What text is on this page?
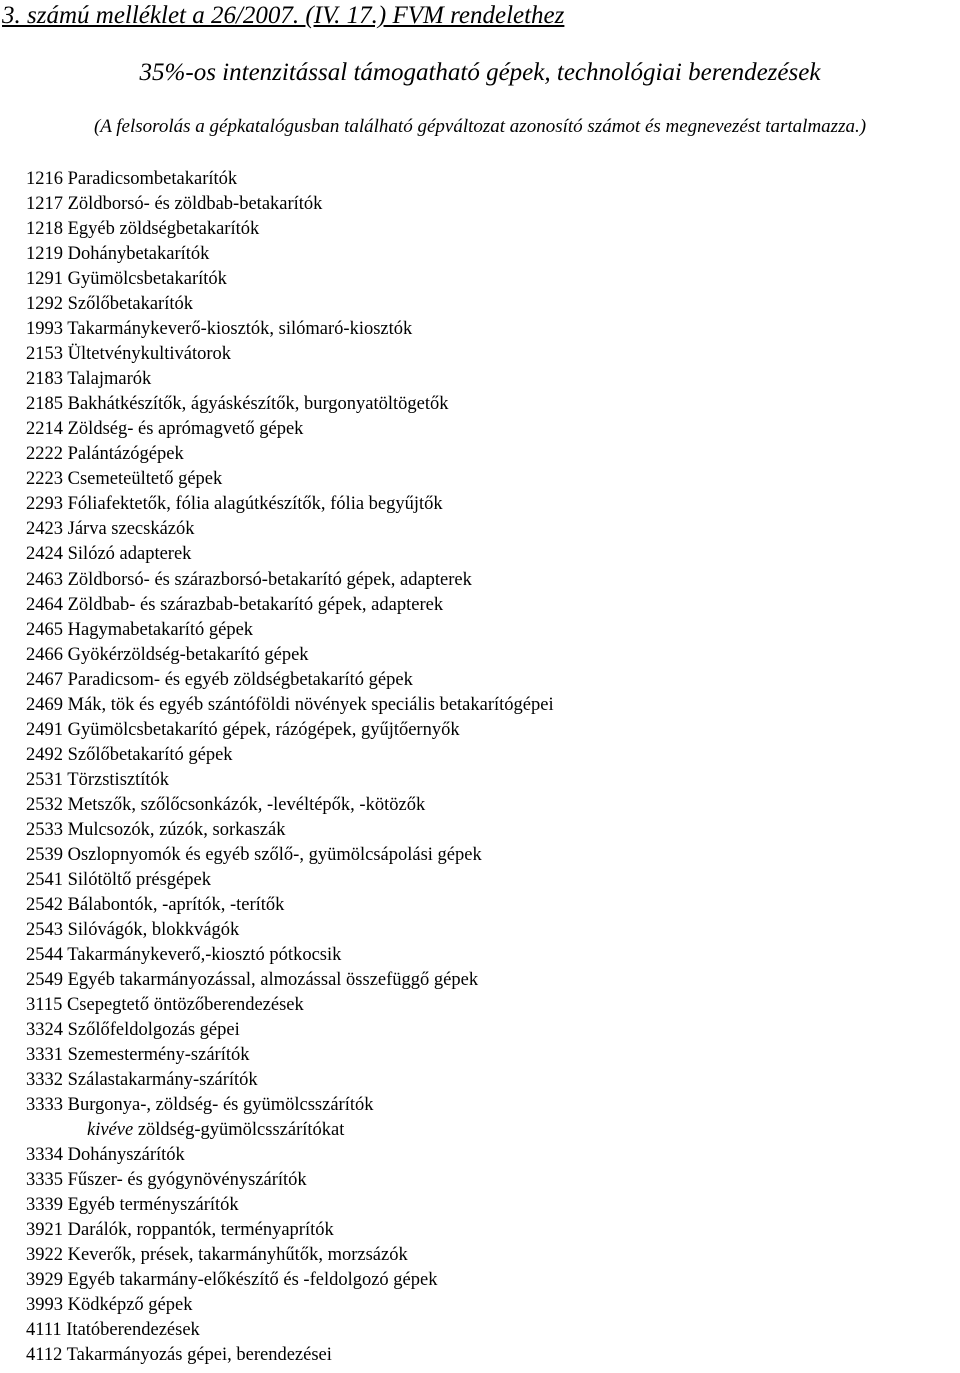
3. számú melléklet a 26/2007. (IV. 17.) FVM rendelethez
35%-os intenzitással támogatható gépek, technológiai berendezések
(A felsorolás a gépkatalógusban található gépváltozat azonosító számot és megnevezést tartalmazza.)
1216 Paradicsombetakarítók
1217 Zöldborsó- és zöldbab-betakarítók
1218 Egyéb zöldségbetakarítók
1219 Dohánybetakarítók
1291 Gyümölcsbetakarítók
1292 Szőlőbetakarítók
1993 Takarmánykeverő-kiosztók, silómaró-kiosztók
2153 Ültetvénykultivátorok
2183 Talajmarók
2185 Bakhátkészítők, ágyáskészítők, burgonyatöltögetők
2214 Zöldség- és aprómagvető gépek
2222 Palántázógépek
2223 Csemeteültető gépek
2293 Fóliafektetők, fólia alagútkészítők, fólia begyűjtők
2423 Járva szecskázók
2424 Silózó adapterek
2463 Zöldborsó- és szárazborsó-betakarító gépek, adapterek
2464 Zöldbab- és szárazbab-betakarító gépek, adapterek
2465 Hagymabetakarító gépek
2466 Gyökérzöldség-betakarító gépek
2467 Paradicsom- és egyéb zöldségbetakarító gépek
2469 Mák, tök és egyéb szántóföldi növények speciális betakarítógépei
2491 Gyümölcsbetakarító gépek, rázógépek, gyűjtőernyők
2492 Szőlőbetakarító gépek
2531 Törzstisztítók
2532 Metszők, szőlőcsonkázók, -levéltépők, -kötözők
2533 Mulcsozók, zúzók, sorkaszák
2539 Oszlopnyomók és egyéb szőlő-, gyümölcsápolási gépek
2541 Silótöltő présgépek
2542 Bálabontók, -aprítók, -terítők
2543 Silóvágók, blokkvágók
2544 Takarmánykeverő,-kiosztó pótkocsik
2549 Egyéb takarmányozással, almozással összefüggő gépek
3115 Csepegtető öntözőberendezések
3324 Szőlőfeldolgozás gépei
3331 Szemestermény-szárítók
3332 Szálastakarmány-szárítók
3333 Burgonya-, zöldség- és gyümölcsszárítók
kivéve zöldség-gyümölcsszárítókat
3334 Dohányszárítók
3335 Fűszer- és gyógynövényszárítók
3339 Egyéb terményszárítók
3921 Darálók, roppantók, terményaprítók
3922 Keverők, prések, takarmányhűtők, morzsázók
3929 Egyéb takarmány-előkészítő és -feldolgozó gépek
3993 Ködképző gépek
4111 Itatóberendezések
4112 Takarmányozás gépei, berendezései
